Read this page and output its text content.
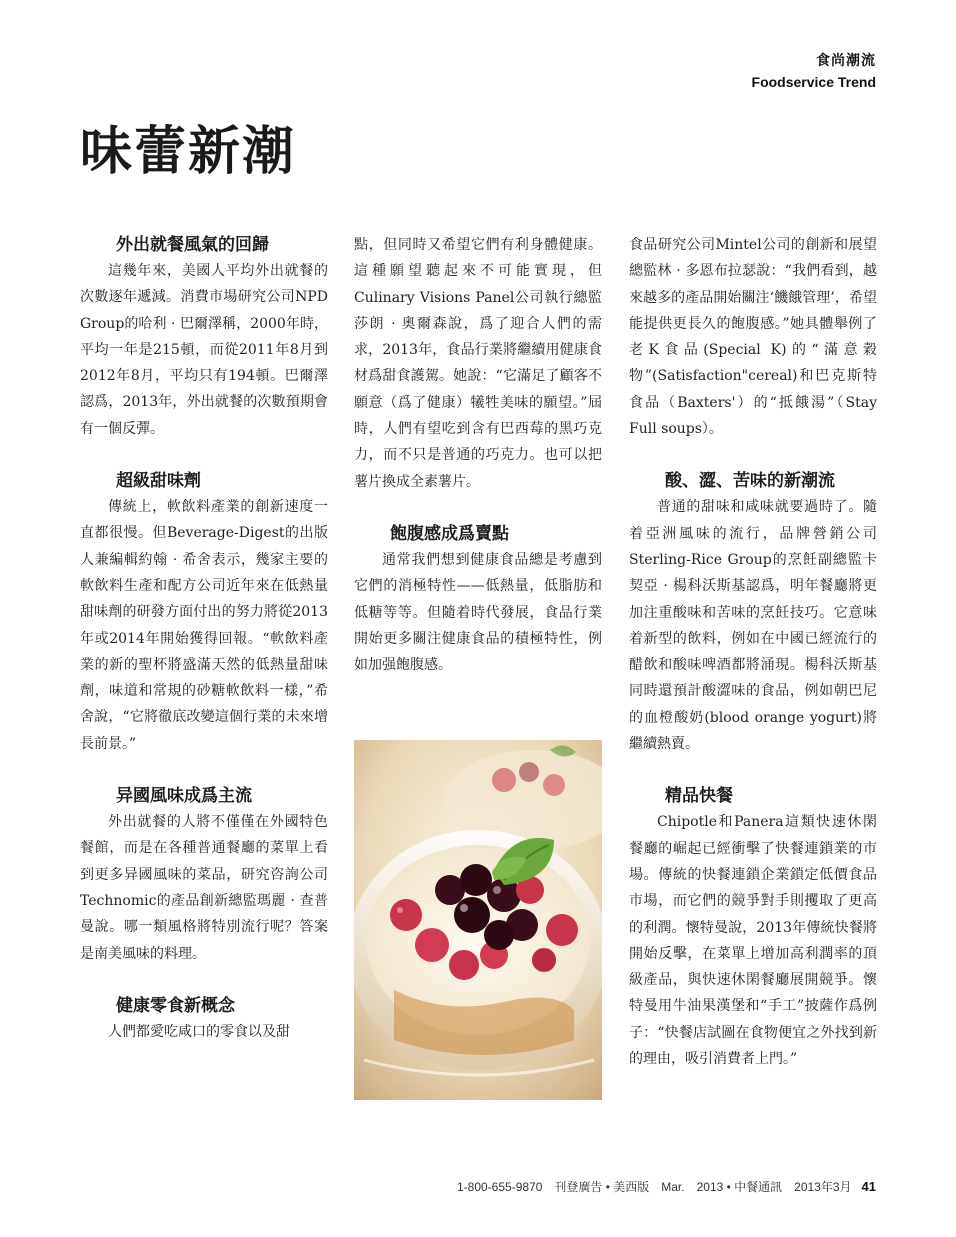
食尚潮流
Foodservice Trend
味蕾新潮
外出就餐風氣的回歸

這幾年來，美國人平均外出就餐的次數逐年遞減。消費市場研究公司NPD Group的哈利 · 巴爾澤稱，2000年時，平均一年是215頓，而從2011年8月到2012年8月，平均只有194頓。巴爾澤認爲，2013年，外出就餐的次數預期會有一個反彈。

超級甜味劑

傳統上，軟飲料產業的創新速度一直都很慢。但Beverage-Digest的出版人兼編輯約翰 · 希舍表示，幾家主要的軟飲料生產和配方公司近年來在低熱量甜味劑的研發方面付出的努力將從2013年或2014年開始獲得回報。“軟飲料產業的新的聖杯將盛滿天然的低熱量甜味劑，味道和常規的砂糖軟飲料一樣，”希舍說，“它將徹底改變這個行業的未來增長前景。”

异國風味成爲主流

外出就餐的人將不僅僅在外國特色餐館，而是在各種普通餐廳的菜單上看到更多异國風味的菜品，研究咨詢公司Technomic的產品創新總監瑪麗 · 查普曼說。哪一類風格將特別流行呢？答案是南美風味的料理。

健康零食新概念

人們都愛吃咸口的零食以及甜

點，但同時又希望它們有利身體健康。這種願望聽起來不可能實現，但Culinary Visions Panel公司執行總監莎朗 · 奧爾森說，爲了迎合人們的需求，2013年，食品行業將繼續用健康食材爲甜食護駕。她說：“它滿足了顧客不願意（爲了健康）犧牲美味的願望。”屆時，人們有望吃到含有巴西莓的黑巧克力，而不只是普通的巧克力。也可以把薯片換成全素薯片。

飽腹感成爲賣點

通常我們想到健康食品總是考慮到它們的消極特性——低熱量，低脂肪和低糖等等。但隨着時代發展，食品行業開始更多關注健康食品的積極特性，例如加强飽腹感。

食品研究公司Mintel公司的創新和展望總監林 · 多恩布拉瑟說：“我們看到，越來越多的產品開始關注‘饑餓管理’，希望能提供更長久的飽腹感。”她具體舉例了老K食品(Special K)的“滿意穀物”(Satisfaction"cereal)和巴克斯特食品（Baxters'）的“抵餓湯”（Stay Full soups）。

酸、澀、苦味的新潮流

普通的甜味和咸味就要過時了。隨着亞洲風味的流行，品牌營銷公司Sterling-Rice Group的烹飪副總監卡契亞 · 楊科沃斯基認爲，明年餐廳將更加注重酸味和苦味的烹飪技巧。它意味着新型的飲料，例如在中國已經流行的醋飲和酸味啤酒都將涌現。楊科沃斯基同時還預計酸澀味的食品，例如朝巴尼的血橙酸奶(blood orange yogurt)將繼續熱賣。

精品快餐

Chipotle和Panera這類快速休閑餐廳的崛起已經衝擊了快餐連鎖業的市場。傳統的快餐連鎖企業鎖定低價食品市場，而它們的競爭對手則攫取了更高的利潤。懷特曼說，2013年傳統快餐將開始反擊，在菜單上增加高利潤率的頂級產品，與快速休閑餐廳展開競爭。懷特曼用牛油果漢堡和“手工”披薩作爲例子：“快餐店試圖在食物便宜之外找到新的理由，吸引消費者上門。”

1-800-655-9870　刊登廣告 • 美西版　Mar.　2013 • 中餐通訊　2013年3月 41
